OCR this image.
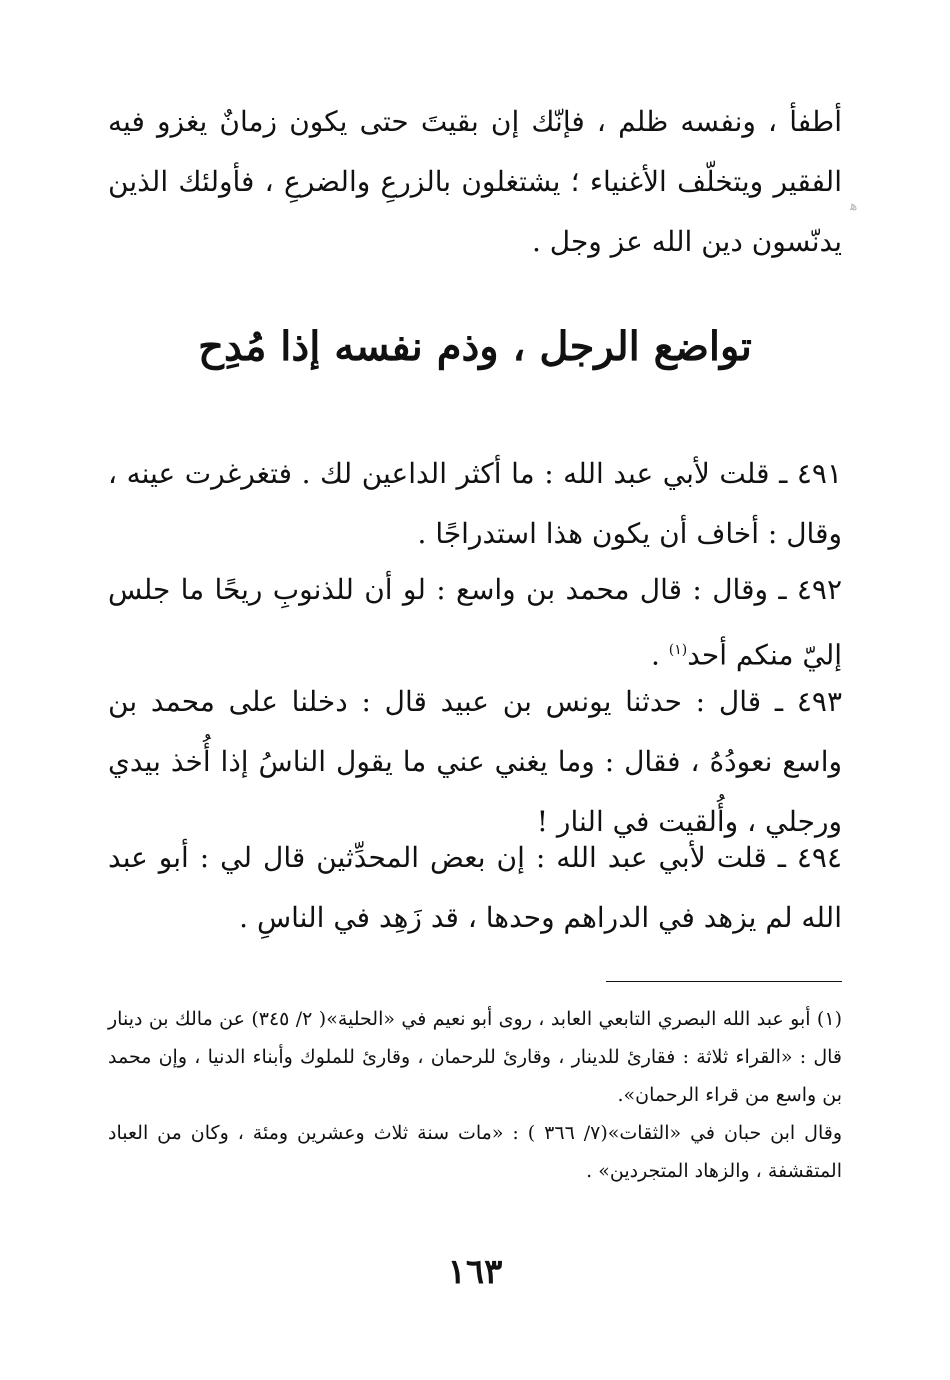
ﻫ

أطفأ ، ونفسه ظلم ، فإنّك إن بقيتَ حتى يكون زمانٌ يغزو فيه الفقير ويتخلّف الأغنياء ؛ يشتغلون بالزرعِ والضرعِ ، فأولئك الذين يدنّسون دين الله عز وجل .

تواضع الرجل ، وذم نفسه إذا مُدِح

٤٩١ ـ قلت لأبي عبد الله : ما أكثر الداعين لك . فتغرغرت عينه ، وقال : أخاف أن يكون هذا استدراجًا .

٤٩٢ ـ وقال : قال محمد بن واسع : لو أن للذنوبِ ريحًا ما جلس إليّ منكم أحد$^{(١)}$ .

٤٩٣ ـ قال : حدثنا يونس بن عبيد قال : دخلنا على محمد بن واسع نعودُهُ ، فقال : وما يغني عني ما يقول الناسُ إذا أُخذ بيدي ورجلي ، وأُلقيت في النار !

٤٩٤ ـ قلت لأبي عبد الله : إن بعض المحدِّثين قال لي : أبو عبد الله لم يزهد في الدراهم وحدها ، قد زَهِد في الناسِ .

(١) أبو عبد الله البصري التابعي العابد ، روى أبو نعيم في «الحلية»( ٢/ ٣٤٥) عن مالك بن دينار قال : «القراء ثلاثة : فقارئ للدينار ، وقارئ للرحمان ، وقارئ للملوك وأبناء الدنيا ، وإن محمد بن واسع من قراء الرحمان».

وقال ابن حبان في «الثقات»(٧/ ٣٦٦ ) : «مات سنة ثلاث وعشرين ومئة ، وكان من العباد المتقشفة ، والزهاد المتجردين» .

١٦٣
